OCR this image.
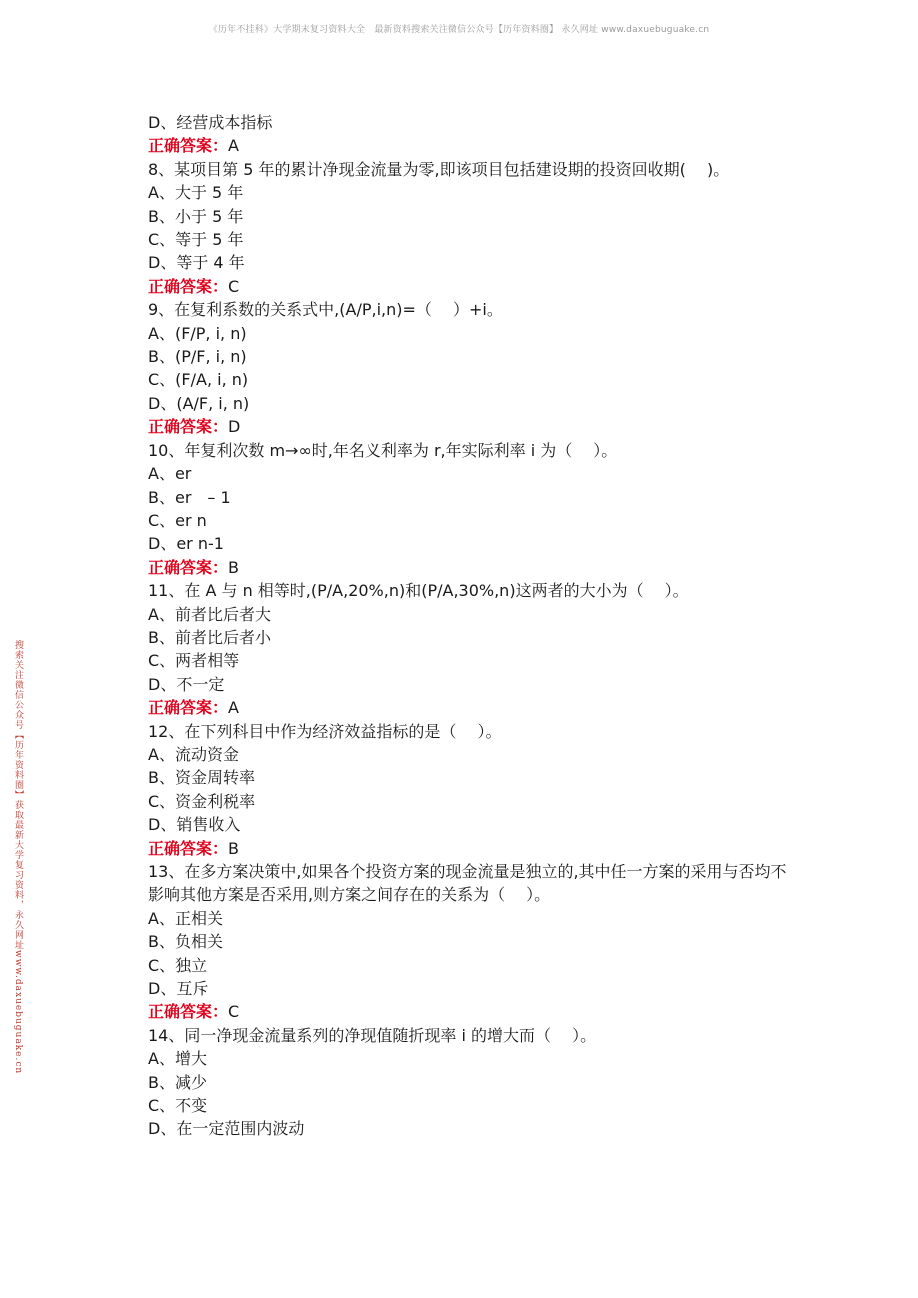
《历年不挂科》大学期末复习资料大全　最新资料搜索关注微信公众号【历年资料圈】 永久网址 www.daxuebuguake.cn
搜索关注微信公众号【历年资料圈】获取最新大学复习资料，永久网址www.daxuebuguake.cn
D、经营成本指标
正确答案：A
8、某项目第 5 年的累计净现金流量为零,即该项目包括建设期的投资回收期(　 )。
A、大于 5 年
B、小于 5 年
C、等于 5 年
D、等于 4 年
正确答案：C
9、在复利系数的关系式中,(A/P,i,n)=（　 ）+i。
A、(F/P, i, n)
B、(P/F, i, n)
C、(F/A, i, n)
D、(A/F, i, n)
正确答案：D
10、年复利次数 m→∞时,年名义利率为 r,年实际利率 i 为（　 ）。
A、er
B、er　– 1
C、er n
D、er n-1
正确答案：B
11、在 A 与 n 相等时,(P/A,20%,n)和(P/A,30%,n)这两者的大小为（　 ）。
A、前者比后者大
B、前者比后者小
C、两者相等
D、不一定
正确答案：A
12、在下列科目中作为经济效益指标的是（　 ）。
A、流动资金
B、资金周转率
C、资金利税率
D、销售收入
正确答案：B
13、在多方案决策中,如果各个投资方案的现金流量是独立的,其中任一方案的采用与否均不影响其他方案是否采用,则方案之间存在的关系为（　 ）。
A、正相关
B、负相关
C、独立
D、互斥
正确答案：C
14、同一净现金流量系列的净现值随折现率 i 的增大而（　 ）。
A、增大
B、减少
C、不变
D、在一定范围内波动
